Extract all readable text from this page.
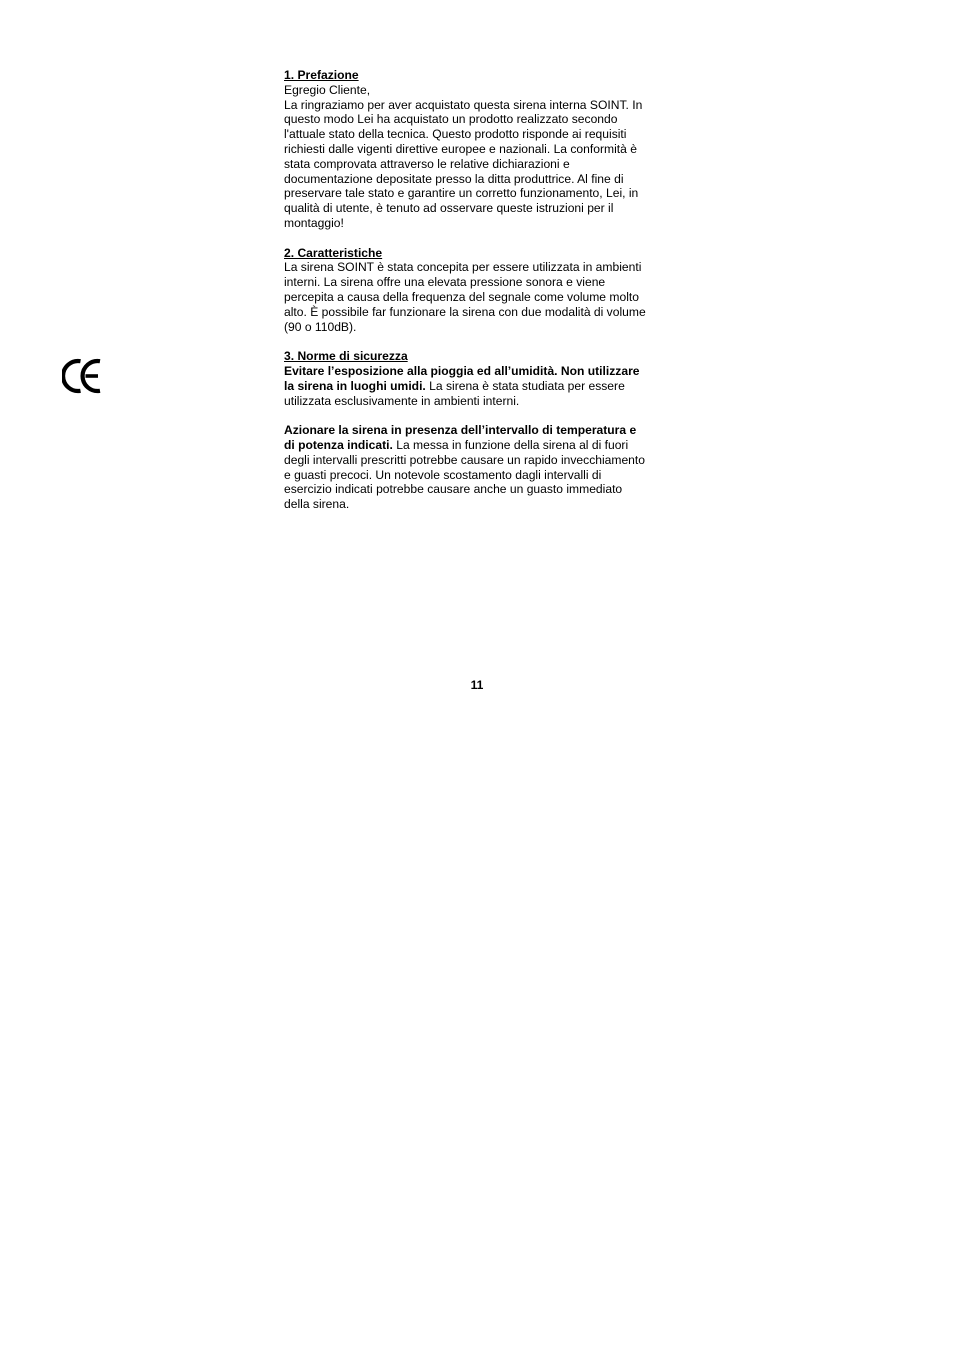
1. Prefazione
Egregio Cliente,
La ringraziamo per aver acquistato questa sirena interna SOINT. In
questo modo Lei ha acquistato un prodotto realizzato secondo
l'attuale stato della tecnica. Questo prodotto risponde ai requisiti
richiesti dalle vigenti direttive europee e nazionali. La conformità è
stata comprovata attraverso le relative dichiarazioni e
documentazione depositate presso la ditta produttrice. Al fine di
preservare tale stato e garantire un corretto funzionamento, Lei, in
qualità di utente, è tenuto ad osservare queste istruzioni per il
montaggio!
2. Caratteristiche
La sirena SOINT è stata concepita per essere utilizzata in ambienti
interni. La sirena offre una elevata pressione sonora e viene
percepita a causa della frequenza del segnale come volume molto
alto. È possibile far funzionare la sirena con due modalità di volume
(90 o 110dB).
3. Norme di sicurezza
Evitare l’esposizione alla pioggia ed all’umidità. Non utilizzare
la sirena in luoghi umidi. La sirena è stata studiata per essere
utilizzata esclusivamente in ambienti interni.
Azionare la sirena in presenza dell’intervallo di temperatura e
di potenza indicati. La messa in funzione della sirena al di fuori
degli intervalli prescritti potrebbe causare un rapido invecchiamento
e guasti precoci. Un notevole scostamento dagli intervalli di
esercizio indicati potrebbe causare anche un guasto immediato
della sirena.
11
